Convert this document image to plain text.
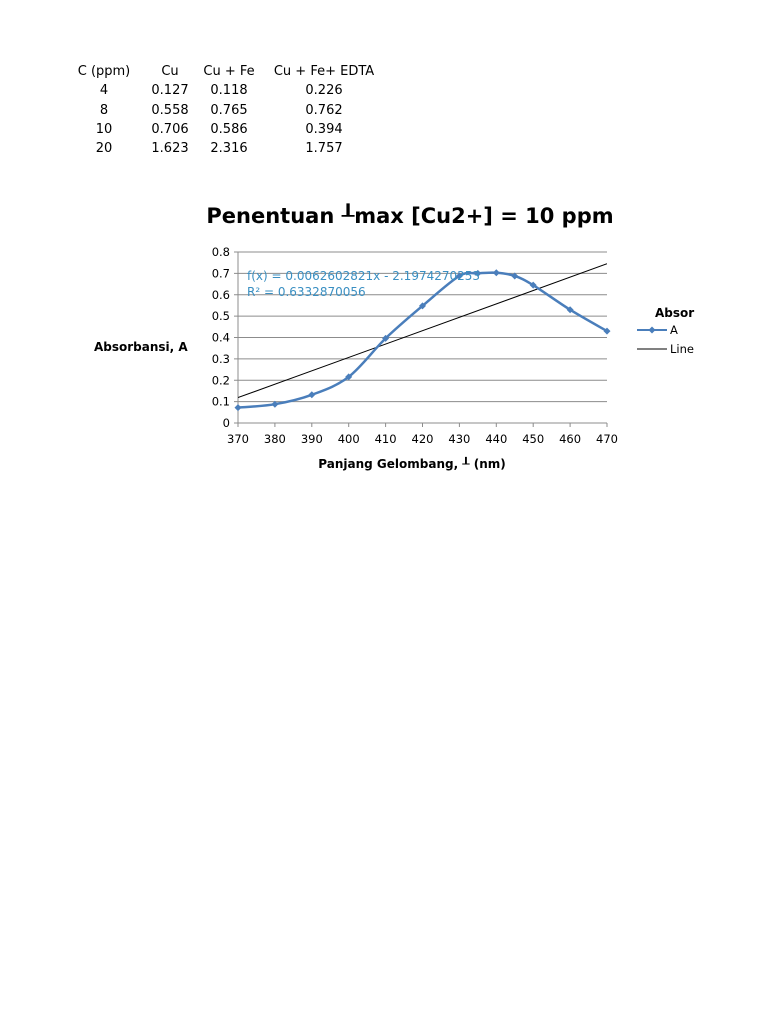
C (ppm)	Cu	Cu + Fe	Cu + Fe+ EDTA
4	0.127	0.118	0.226
8	0.558	0.765	0.762
10	0.706	0.586	0.394
20	1.623	2.316	1.757
Penentuan ┸max [Cu2+] = 10 ppm
0
0.1
0.2
0.3
0.4
0.5
0.6
0.7
0.8
370 380 390 400 410 420 430 440 450 460 470
f(x) = 0.0062602821x - 2.1974270253
R² = 0.6332870056
Absorbansi, A
Panjang Gelombang, ┸ (nm)
Absor
A
Line
